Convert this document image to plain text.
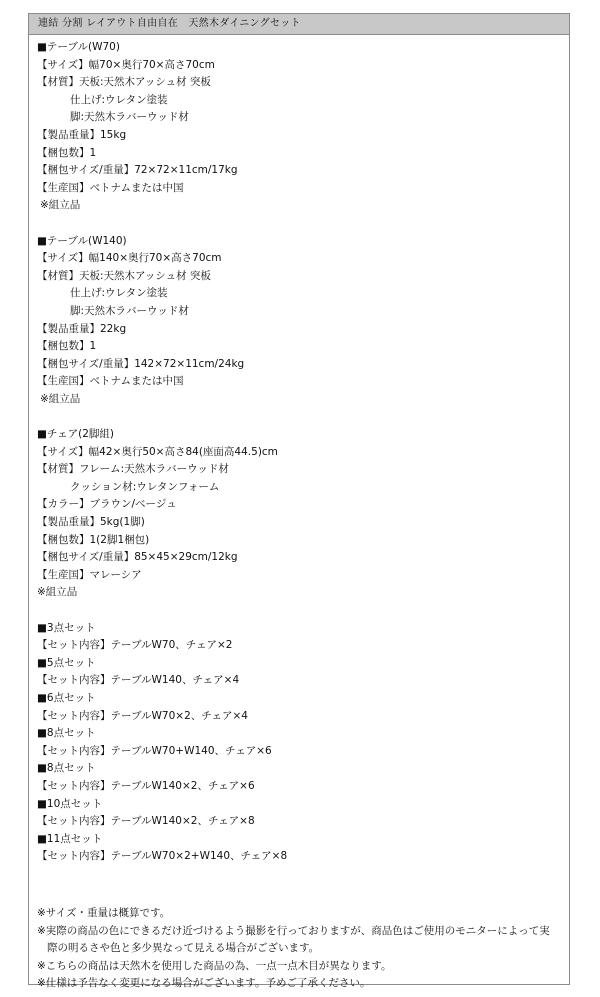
連結 分割 レイアウト自由自在　天然木ダイニングセット
■テーブル(W70)
【サイズ】幅70×奥行70×高さ70cm
【材質】天板:天然木アッシュ材 突板
仕上げ:ウレタン塗装
脚:天然木ラバーウッド材
【製品重量】15kg
【梱包数】1
【梱包サイズ/重量】72×72×11cm/17kg
【生産国】ベトナムまたは中国
※組立品
■テーブル(W140)
【サイズ】幅140×奥行70×高さ70cm
【材質】天板:天然木アッシュ材 突板
仕上げ:ウレタン塗装
脚:天然木ラバーウッド材
【製品重量】22kg
【梱包数】1
【梱包サイズ/重量】142×72×11cm/24kg
【生産国】ベトナムまたは中国
※組立品
■チェア(2脚組)
【サイズ】幅42×奥行50×高さ84(座面高44.5)cm
【材質】フレーム:天然木ラバーウッド材
クッション材:ウレタンフォーム
【カラー】ブラウン/ベージュ
【製品重量】5kg(1脚)
【梱包数】1(2脚1梱包)
【梱包サイズ/重量】85×45×29cm/12kg
【生産国】マレーシア
※組立品
■3点セット
【セット内容】テーブルW70、チェア×2
■5点セット
【セット内容】テーブルW140、チェア×4
■6点セット
【セット内容】テーブルW70×2、チェア×4
■8点セット
【セット内容】テーブルW70+W140、チェア×6
■8点セット
【セット内容】テーブルW140×2、チェア×6
■10点セット
【セット内容】テーブルW140×2、チェア×8
■11点セット
【セット内容】テーブルW70×2+W140、チェア×8
※サイズ・重量は概算です。
※実際の商品の色にできるだけ近づけるよう撮影を行っておりますが、商品色はご使用のモニターによって実
際の明るさや色と多少異なって見える場合がございます。
※こちらの商品は天然木を使用した商品の為、一点一点木目が異なります。
※仕様は予告なく変更になる場合がございます。予めご了承ください。
